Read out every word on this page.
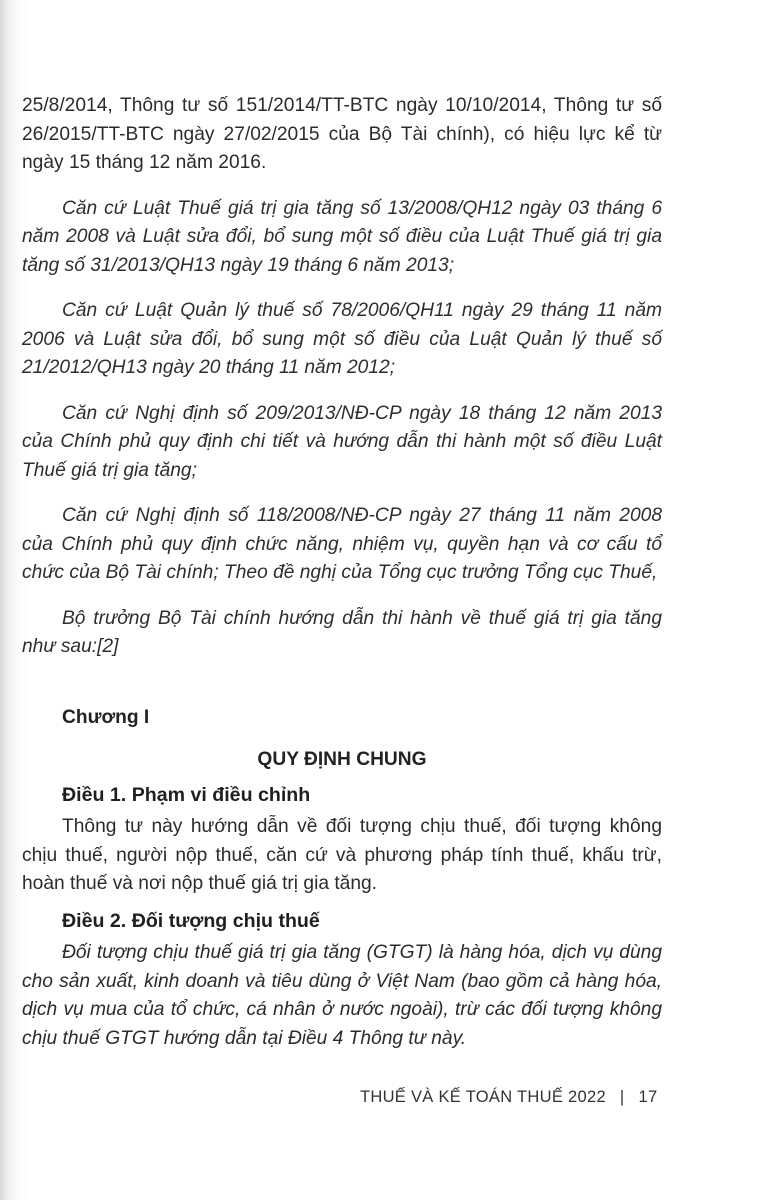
25/8/2014, Thông tư số 151/2014/TT-BTC ngày 10/10/2014, Thông tư số 26/2015/TT-BTC ngày 27/02/2015 của Bộ Tài chính), có hiệu lực kể từ ngày 15 tháng 12 năm 2016.

Căn cứ Luật Thuế giá trị gia tăng số 13/2008/QH12 ngày 03 tháng 6 năm 2008 và Luật sửa đổi, bổ sung một số điều của Luật Thuế giá trị gia tăng số 31/2013/QH13 ngày 19 tháng 6 năm 2013;

Căn cứ Luật Quản lý thuế số 78/2006/QH11 ngày 29 tháng 11 năm 2006 và Luật sửa đổi, bổ sung một số điều của Luật Quản lý thuế số 21/2012/QH13 ngày 20 tháng 11 năm 2012;

Căn cứ Nghị định số 209/2013/NĐ-CP ngày 18 tháng 12 năm 2013 của Chính phủ quy định chi tiết và hướng dẫn thi hành một số điều Luật Thuế giá trị gia tăng;

Căn cứ Nghị định số 118/2008/NĐ-CP ngày 27 tháng 11 năm 2008 của Chính phủ quy định chức năng, nhiệm vụ, quyền hạn và cơ cấu tổ chức của Bộ Tài chính; Theo đề nghị của Tổng cục trưởng Tổng cục Thuế,

Bộ trưởng Bộ Tài chính hướng dẫn thi hành về thuế giá trị gia tăng như sau:[2]

Chương I
QUY ĐỊNH CHUNG
Điều 1. Phạm vi điều chỉnh

Thông tư này hướng dẫn về đối tượng chịu thuế, đối tượng không chịu thuế, người nộp thuế, căn cứ và phương pháp tính thuế, khấu trừ, hoàn thuế và nơi nộp thuế giá trị gia tăng.

Điều 2. Đối tượng chịu thuế

Đối tượng chịu thuế giá trị gia tăng (GTGT) là hàng hóa, dịch vụ dùng cho sản xuất, kinh doanh và tiêu dùng ở Việt Nam (bao gồm cả hàng hóa, dịch vụ mua của tổ chức, cá nhân ở nước ngoài), trừ các đối tượng không chịu thuế GTGT hướng dẫn tại Điều 4 Thông tư này.

THUẾ VÀ KẾ TOÁN THUẾ 2022 | 17
